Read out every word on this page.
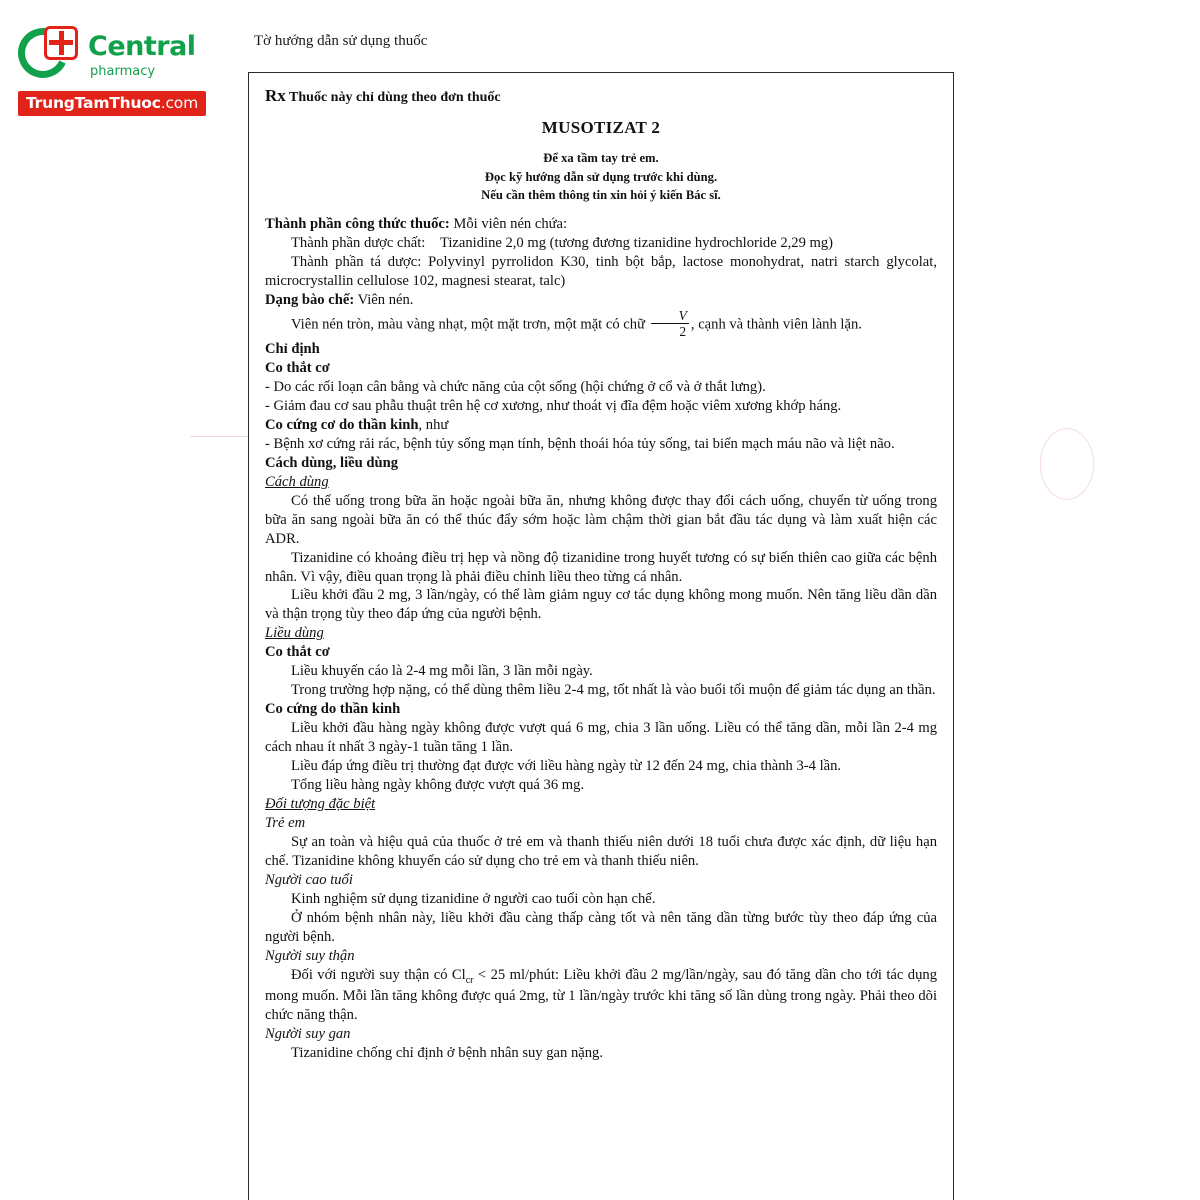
Central
pharmacy
TrungTamThuoc.com
Tờ hướng dẫn sử dụng thuốc
Rx Thuốc này chỉ dùng theo đơn thuốc
MUSOTIZAT 2
Để xa tầm tay trẻ em.
Đọc kỹ hướng dẫn sử dụng trước khi dùng.
Nếu cần thêm thông tin xin hỏi ý kiến Bác sĩ.

Thành phần công thức thuốc: Mỗi viên nén chứa:

Thành phần dược chất: Tizanidine 2,0 mg (tương đương tizanidine hydrochloride 2,29 mg)

Thành phần tá dược: Polyvinyl pyrrolidon K30, tinh bột bắp, lactose monohydrat, natri starch glycolat, microcrystallin cellulose 102, magnesi stearat, talc)

Dạng bào chế: Viên nén.

Viên nén tròn, màu vàng nhạt, một mặt trơn, một mặt có chữ $\frac{V}{2}$ , cạnh và thành viên lành lặn.

Chỉ định

Co thắt cơ

- Do các rối loạn cân bằng và chức năng của cột sống (hội chứng ở cổ và ở thắt lưng).

- Giảm đau cơ sau phẫu thuật trên hệ cơ xương, như thoát vị đĩa đệm hoặc viêm xương khớp háng.

Co cứng cơ do thần kinh, như

- Bệnh xơ cứng rải rác, bệnh tủy sống mạn tính, bệnh thoái hóa tủy sống, tai biến mạch máu não và liệt não.

Cách dùng, liều dùng

Cách dùng

Có thể uống trong bữa ăn hoặc ngoài bữa ăn, nhưng không được thay đổi cách uống, chuyển từ uống trong bữa ăn sang ngoài bữa ăn có thể thúc đẩy sớm hoặc làm chậm thời gian bắt đầu tác dụng và làm xuất hiện các ADR.

Tizanidine có khoảng điều trị hẹp và nồng độ tizanidine trong huyết tương có sự biến thiên cao giữa các bệnh nhân. Vì vậy, điều quan trọng là phải điều chỉnh liều theo từng cá nhân.

Liều khởi đầu 2 mg, 3 lần/ngày, có thể làm giảm nguy cơ tác dụng không mong muốn. Nên tăng liều dần dần và thận trọng tùy theo đáp ứng của người bệnh.

Liều dùng

Co thắt cơ

Liều khuyến cáo là 2-4 mg mỗi lần, 3 lần mỗi ngày.

Trong trường hợp nặng, có thể dùng thêm liều 2-4 mg, tốt nhất là vào buổi tối muộn để giảm tác dụng an thần.

Co cứng do thần kinh

Liều khởi đầu hàng ngày không được vượt quá 6 mg, chia 3 lần uống. Liều có thể tăng dần, mỗi lần 2-4 mg cách nhau ít nhất 3 ngày-1 tuần tăng 1 lần.

Liều đáp ứng điều trị thường đạt được với liều hàng ngày từ 12 đến 24 mg, chia thành 3-4 lần.

Tổng liều hàng ngày không được vượt quá 36 mg.

Đối tượng đặc biệt

Trẻ em

Sự an toàn và hiệu quả của thuốc ở trẻ em và thanh thiếu niên dưới 18 tuổi chưa được xác định, dữ liệu hạn chế. Tizanidine không khuyến cáo sử dụng cho trẻ em và thanh thiếu niên.

Người cao tuổi

Kinh nghiệm sử dụng tizanidine ở người cao tuổi còn hạn chế.

Ở nhóm bệnh nhân này, liều khởi đầu càng thấp càng tốt và nên tăng dần từng bước tùy theo đáp ứng của người bệnh.

Người suy thận

Đối với người suy thận có $Cl_{cr} < 25$ ml/phút: Liều khởi đầu 2 mg/lần/ngày, sau đó tăng dần cho tới tác dụng mong muốn. Mỗi lần tăng không được quá 2mg, từ 1 lần/ngày trước khi tăng số lần dùng trong ngày. Phải theo dõi chức năng thận.

Người suy gan

Tizanidine chống chỉ định ở bệnh nhân suy gan nặng.
